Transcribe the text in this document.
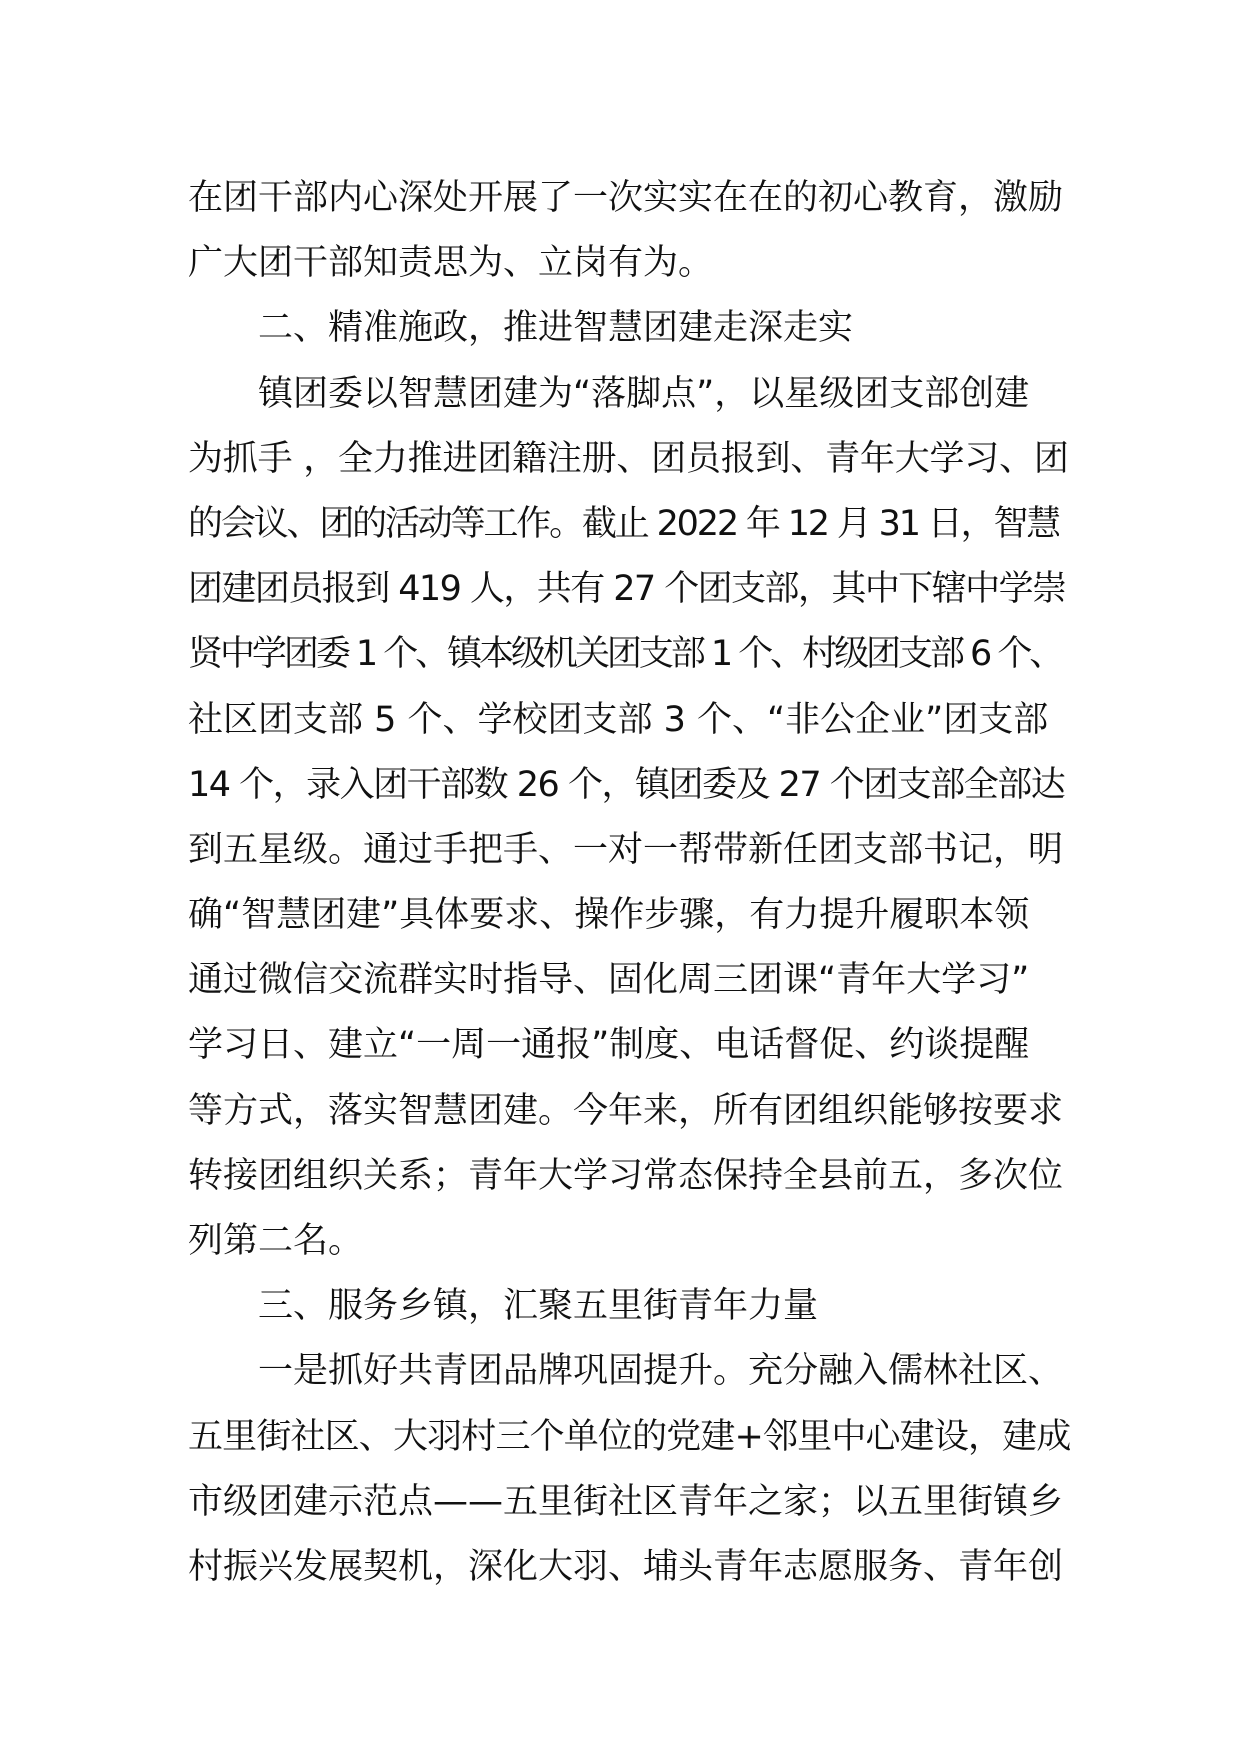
在团干部内心深处开展了一次实实在在的初心教育，激励
广大团干部知责思为、立岗有为。
二、精准施政，推进智慧团建走深走实
镇团委以智慧团建为“落脚点”，以星级团支部创建
为抓手 ，全力推进团籍注册、团员报到、青年大学习、团
的会议、团的活动等工作。截止 2022 年 12 月 31 日，智慧
团建团员报到 419 人，共有 27 个团支部，其中下辖中学崇
贤中学团委 1 个、镇本级机关团支部 1 个、村级团支部 6 个、
社区团支部 5 个、学校团支部 3 个、“非公企业”团支部
14 个，录入团干部数 26 个，镇团委及 27 个团支部全部达
到五星级。通过手把手、一对一帮带新任团支部书记，明
确“智慧团建”具体要求、操作步骤，有力提升履职本领
通过微信交流群实时指导、固化周三团课“青年大学习”
学习日、建立“一周一通报”制度、电话督促、约谈提醒
等方式，落实智慧团建。今年来，所有团组织能够按要求
转接团组织关系；青年大学习常态保持全县前五，多次位
列第二名。
三、服务乡镇，汇聚五里街青年力量
一是抓好共青团品牌巩固提升。充分融入儒林社区、
五里街社区、大羽村三个单位的党建+邻里中心建设，建成
市级团建示范点——五里街社区青年之家；以五里街镇乡
村振兴发展契机，深化大羽、埔头青年志愿服务、青年创
